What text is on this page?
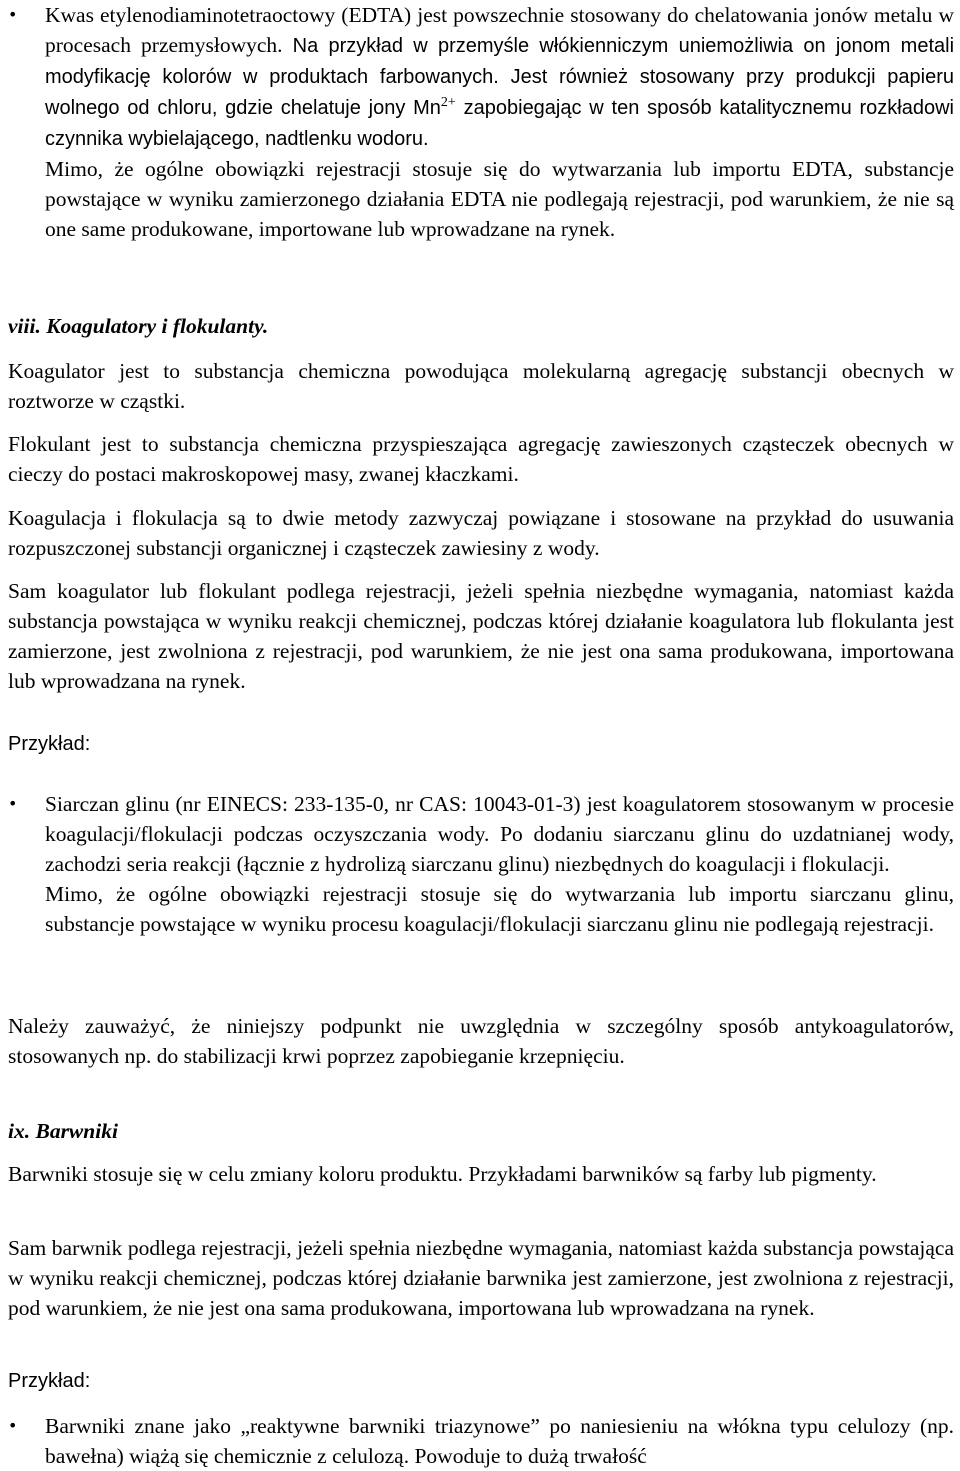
•	Kwas etylenodiaminotetraoctowy (EDTA) jest powszechnie stosowany do chelatowania jonów metalu w procesach przemysłowych. Na przykład w przemyśle włókienniczym uniemożliwia on jonom metali modyfikację kolorów w produktach farbowanych. Jest również stosowany przy produkcji papieru wolnego od chloru, gdzie chelatuje jony $Mn^{2+}$ zapobiegając w ten sposób katalitycznemu rozkładowi czynnika wybielającego, nadtlenku wodoru.

Mimo, że ogólne obowiązki rejestracji stosuje się do wytwarzania lub importu EDTA, substancje powstające w wyniku zamierzonego działania EDTA nie podlegają rejestracji, pod warunkiem, że nie są one same produkowane, importowane lub wprowadzane na rynek.

viii. Koagulatory i flokulanty.

Koagulator jest to substancja chemiczna powodująca molekularną agregację substancji obecnych w roztworze w cząstki.

Flokulant jest to substancja chemiczna przyspieszająca agregację zawieszonych cząsteczek obecnych w cieczy do postaci makroskopowej masy, zwanej kłaczkami.

Koagulacja i flokulacja są to dwie metody zazwyczaj powiązane i stosowane na przykład do usuwania rozpuszczonej substancji organicznej i cząsteczek zawiesiny z wody.

Sam koagulator lub flokulant podlega rejestracji, jeżeli spełnia niezbędne wymagania, natomiast każda substancja powstająca w wyniku reakcji chemicznej, podczas której działanie koagulatora lub flokulanta jest zamierzone, jest zwolniona z rejestracji, pod warunkiem, że nie jest ona sama produkowana, importowana lub wprowadzana na rynek.

Przykład:

•	Siarczan glinu (nr EINECS: 233-135-0, nr CAS: 10043-01-3) jest koagulatorem stosowanym w procesie koagulacji/flokulacji podczas oczyszczania wody. Po dodaniu siarczanu glinu do uzdatnianej wody, zachodzi seria reakcji (łącznie z hydrolizą siarczanu glinu) niezbędnych do koagulacji i flokulacji.

Mimo, że ogólne obowiązki rejestracji stosuje się do wytwarzania lub importu siarczanu glinu, substancje powstające w wyniku procesu koagulacji/flokulacji siarczanu glinu nie podlegają rejestracji.

Należy zauważyć, że niniejszy podpunkt nie uwzględnia w szczególny sposób antykoagulatorów, stosowanych np. do stabilizacji krwi poprzez zapobieganie krzepnięciu.

ix. Barwniki

Barwniki stosuje się w celu zmiany koloru produktu. Przykładami barwników są farby lub pigmenty.

Sam barwnik podlega rejestracji, jeżeli spełnia niezbędne wymagania, natomiast każda substancja powstająca w wyniku reakcji chemicznej, podczas której działanie barwnika jest zamierzone, jest zwolniona z rejestracji, pod warunkiem, że nie jest ona sama produkowana, importowana lub wprowadzana na rynek.

Przykład:

•	Barwniki znane jako „reaktywne barwniki triazynowe” po naniesieniu na włókna typu celulozy (np. bawełna) wiążą się chemicznie z celulozą. Powoduje to dużą trwałość
